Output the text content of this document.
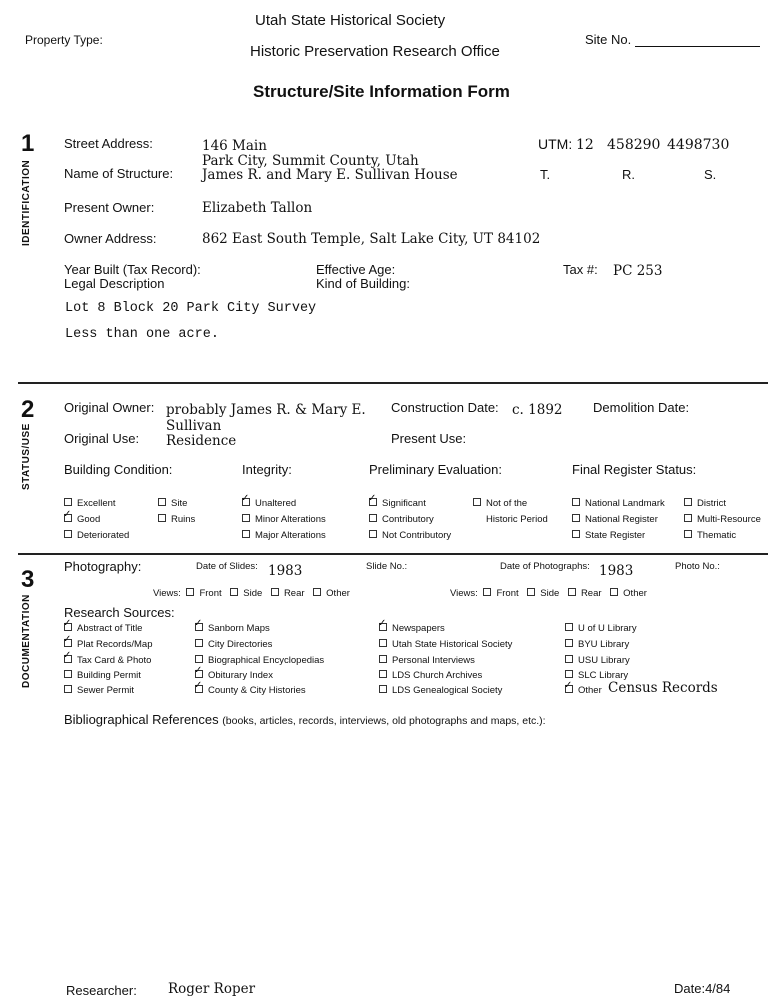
Utah State Historical Society
Property Type:	Site No.
Historic Preservation Research Office
Structure/Site Information Form
1
IDENTIFICATION
Street Address:	146 Main
Park City, Summit County, Utah
UTM: 12 458290 4498730
Name of Structure: James R. and Mary E. Sullivan House	T.	R.	S.
Present Owner:	Elizabeth Tallon
Owner Address:	862 East South Temple, Salt Lake City, UT 84102
Year Built (Tax Record):	Effective Age:	Tax #: PC 253
Legal Description	Kind of Building:
Lot 8 Block 20 Park City Survey
Less than one acre.
2
STATUS/USE
Original Owner: probably James R. & Mary E.
Sullivan
Construction Date: c. 1892 Demolition Date:
Original Use: Residence	Present Use:
Building Condition:	Integrity:	Preliminary Evaluation:	Final Register Status:
Excellent
✓Good
Deteriorated
Site
Ruins
✓Unaltered
Minor Alterations
Major Alterations
✓Significant
Contributory
Not Contributory
Not of the
Historic Period
National Landmark
National Register
State Register
District
Multi-Resource
Thematic
3
DOCUMENTATION
Photography:	Date of Slides: 1983	Slide No.:	Date of Photographs: 1983	Photo No.:
Views: Front Side Rear Other	Views: Front Side Rear Other
Research Sources:
✓Abstract of Title
✓Plat Records/Map
✓Tax Card & Photo
Building Permit
Sewer Permit
✓Sanborn Maps
City Directories
Biographical Encyclopedias
✓Obiturary Index
✓County & City Histories
✓Newspapers
Utah State Historical Society
Personal Interviews
LDS Church Archives
LDS Genealogical Society
U of U Library
BYU Library
USU Library
SLC Library
✓Other Census Records
Bibliographical References (books, articles, records, interviews, old photographs and maps, etc.):
Researcher: Roger Roper	Date:4/84
